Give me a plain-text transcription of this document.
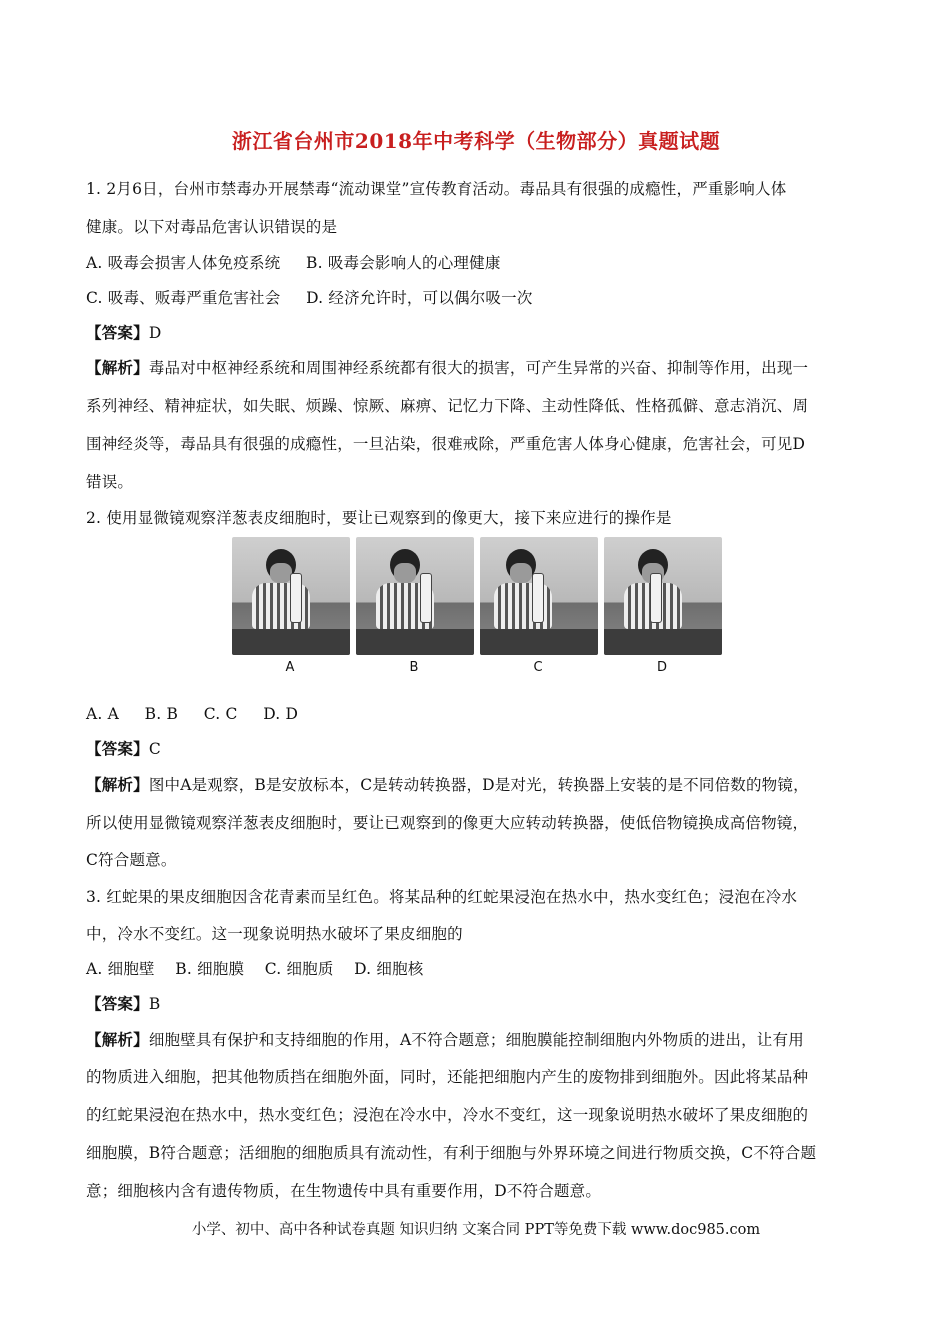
浙江省台州市2018年中考科学（生物部分）真题试题
1. 2月6日，台州市禁毒办开展禁毒“流动课堂”宣传教育活动。毒品具有很强的成瘾性，严重影响人体
健康。以下对毒品危害认识错误的是
A. 吸毒会损害人体免疫系统     B. 吸毒会影响人的心理健康
C. 吸毒、贩毒严重危害社会     D. 经济允许时，可以偶尔吸一次
【答案】D
【解析】毒品对中枢神经系统和周围神经系统都有很大的损害，可产生异常的兴奋、抑制等作用，出现一
系列神经、精神症状，如失眠、烦躁、惊厥、麻痹、记忆力下降、主动性降低、性格孤僻、意志消沉、周
围神经炎等，毒品具有很强的成瘾性，一旦沾染，很难戒除，严重危害人体身心健康，危害社会，可见D
错误。
2. 使用显微镜观察洋葱表皮细胞时，要让已观察到的像更大，接下来应进行的操作是
A	B	C	D
A. A     B. B     C. C     D. D
【答案】C
【解析】图中A是观察，B是安放标本，C是转动转换器，D是对光，转换器上安装的是不同倍数的物镜，
所以使用显微镜观察洋葱表皮细胞时，要让已观察到的像更大应转动转换器，使低倍物镜换成高倍物镜，
C符合题意。
3. 红蛇果的果皮细胞因含花青素而呈红色。将某品种的红蛇果浸泡在热水中，热水变红色；浸泡在冷水
中，冷水不变红。这一现象说明热水破坏了果皮细胞的
A. 细胞壁    B. 细胞膜    C. 细胞质    D. 细胞核
【答案】B
【解析】细胞壁具有保护和支持细胞的作用，A不符合题意；细胞膜能控制细胞内外物质的进出，让有用
的物质进入细胞，把其他物质挡在细胞外面，同时，还能把细胞内产生的废物排到细胞外。因此将某品种
的红蛇果浸泡在热水中，热水变红色；浸泡在冷水中，冷水不变红，这一现象说明热水破坏了果皮细胞的
细胞膜，B符合题意；活细胞的细胞质具有流动性，有利于细胞与外界环境之间进行物质交换，C不符合题
意；细胞核内含有遗传物质，在生物遗传中具有重要作用，D不符合题意。
小学、初中、高中各种试卷真题 知识归纳 文案合同 PPT等免费下载 www.doc985.com
